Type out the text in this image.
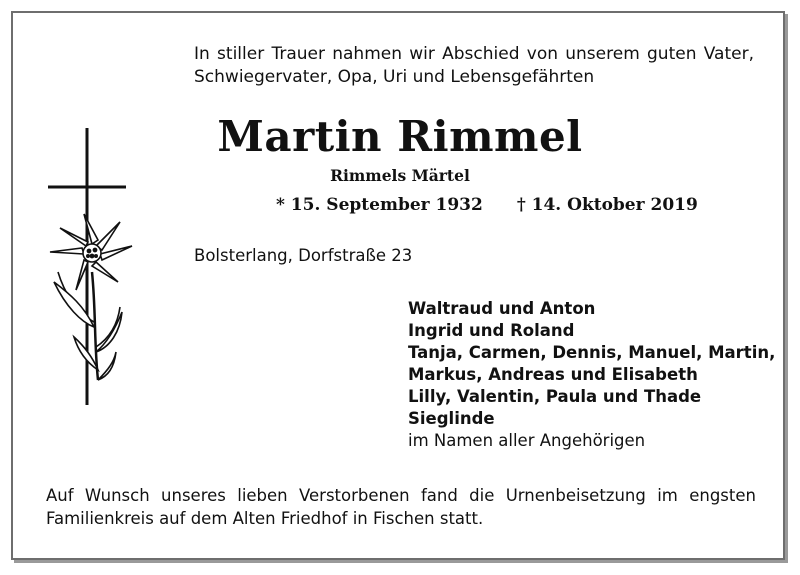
In stiller Trauer nahmen wir Abschied von unserem guten Vater, Schwiegervater, Opa, Uri und Lebensgefährten
Martin Rimmel
Rimmels Märtel
* 15. September 1932 † 14. Oktober 2019
Bolsterlang, Dorfstraße 23
Waltraud und Anton
Ingrid und Roland
Tanja, Carmen, Dennis, Manuel, Martin,
Markus, Andreas und Elisabeth
Lilly, Valentin, Paula und Thade
Sieglinde
im Namen aller Angehörigen
Auf Wunsch unseres lieben Verstorbenen fand die Urnenbeisetzung im engsten Familienkreis auf dem Alten Friedhof in Fischen statt.
